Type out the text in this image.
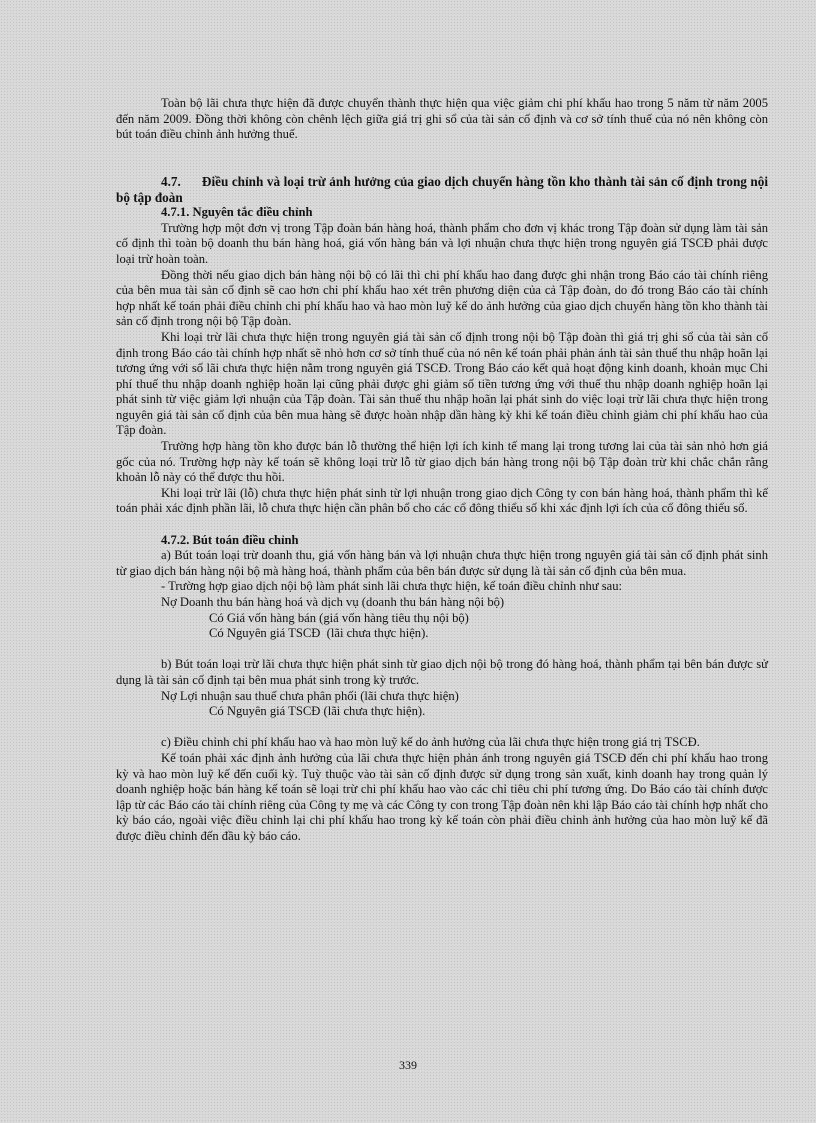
Toàn bộ lãi chưa thực hiện đã được chuyển thành thực hiện qua việc giảm chi phí khấu hao trong 5 năm từ năm 2005 đến năm 2009. Đồng thời không còn chênh lệch giữa giá trị ghi sổ của tài sản cố định và cơ sở tính thuế của nó nên không còn bút toán điều chỉnh ảnh hưởng thuế.

4.7.      Điều chỉnh và loại trừ ảnh hưởng của giao dịch chuyển hàng tồn kho thành tài sản cố định trong nội bộ tập đoàn

4.7.1. Nguyên tắc điều chỉnh

Trường hợp một đơn vị trong Tập đoàn bán hàng hoá, thành phẩm cho đơn vị khác trong Tập đoàn sử dụng làm tài sản cố định thì toàn bộ doanh thu bán hàng hoá, giá vốn hàng bán và lợi nhuận chưa thực hiện trong nguyên giá TSCĐ phải được loại trừ hoàn toàn.

Đồng thời nếu giao dịch bán hàng nội bộ có lãi thì chi phí khấu hao đang được ghi nhận trong Báo cáo tài chính riêng của bên mua tài sản cố định sẽ cao hơn chi phí khấu hao xét trên phương diện của cả Tập đoàn, do đó trong Báo cáo tài chính hợp nhất kế toán phải điều chỉnh chi phí khấu hao và hao mòn luỹ kế do ảnh hưởng của giao dịch chuyển hàng tồn kho thành tài sản cố định trong nội bộ Tập đoàn.

Khi loại trừ lãi chưa thực hiện trong nguyên giá tài sản cố định trong nội bộ Tập đoàn thì giá trị ghi sổ của tài sản cố định trong Báo cáo tài chính hợp nhất sẽ nhỏ hơn cơ sở tính thuế của nó nên kế toán phải phản ánh tài sản thuế thu nhập hoãn lại tương ứng với số lãi chưa thực hiện nằm trong nguyên giá TSCĐ. Trong Báo cáo kết quả hoạt động kinh doanh, khoản mục Chi phí thuế thu nhập doanh nghiệp hoãn lại cũng phải được ghi giảm số tiền tương ứng với thuế thu nhập doanh nghiệp hoãn lại phát sinh từ việc giảm lợi nhuận của Tập đoàn. Tài sản thuế thu nhập hoãn lại phát sinh do việc loại trừ lãi chưa thực hiện trong nguyên giá tài sản cố định của bên mua hàng sẽ được hoàn nhập dần hàng kỳ khi kế toán điều chỉnh giảm chi phí khấu hao của Tập đoàn.

Trường hợp hàng tồn kho được bán lỗ thường thể hiện lợi ích kinh tế mang lại trong tương lai của tài sản nhỏ hơn giá gốc của nó. Trường hợp này kế toán sẽ không loại trừ lỗ từ giao dịch bán hàng trong nội bộ Tập đoàn trừ khi chắc chắn rằng khoản lỗ này có thể được thu hồi.

Khi loại trừ lãi (lỗ) chưa thực hiện phát sinh từ lợi nhuận trong giao dịch Công ty con bán hàng hoá, thành phẩm thì kế toán phải xác định phần lãi, lỗ chưa thực hiện cần phân bổ cho các cổ đông thiểu số khi xác định lợi ích của cổ đông thiểu số.

4.7.2. Bút toán điều chỉnh

a) Bút toán loại trừ doanh thu, giá vốn hàng bán và lợi nhuận chưa thực hiện trong nguyên giá tài sản cố định phát sinh từ giao dịch bán hàng nội bộ mà hàng hoá, thành phẩm của bên bán được sử dụng là tài sản cố định của bên mua.

- Trường hợp giao dịch nội bộ làm phát sinh lãi chưa thực hiện, kế toán điều chỉnh như sau:

Nợ Doanh thu bán hàng hoá và dịch vụ (doanh thu bán hàng nội bộ)

Có Giá vốn hàng bán (giá vốn hàng tiêu thụ nội bộ)

Có Nguyên giá TSCĐ  (lãi chưa thực hiện).

b) Bút toán loại trừ lãi chưa thực hiện phát sinh từ giao dịch nội bộ trong đó hàng hoá, thành phẩm tại bên bán được sử dụng là tài sản cố định tại bên mua phát sinh trong kỳ trước.

Nợ Lợi nhuận sau thuế chưa phân phối (lãi chưa thực hiện)

Có Nguyên giá TSCĐ (lãi chưa thực hiện).

c) Điều chỉnh chi phí khấu hao và hao mòn luỹ kế do ảnh hưởng của lãi chưa thực hiện trong giá trị TSCĐ.

Kế toán phải xác định ảnh hưởng của lãi chưa thực hiện phản ánh trong nguyên giá TSCĐ đến chi phí khấu hao trong kỳ và hao mòn luỹ kế đến cuối kỳ. Tuỳ thuộc vào tài sản cố định được sử dụng trong sản xuất, kinh doanh hay trong quản lý doanh nghiệp hoặc bán hàng kế toán sẽ loại trừ chi phí khấu hao vào các chỉ tiêu chi phí tương ứng. Do Báo cáo tài chính được lập từ các Báo cáo tài chính riêng của Công ty mẹ và các Công ty con trong Tập đoàn nên khi lập Báo cáo tài chính hợp nhất cho kỳ báo cáo, ngoài việc điều chỉnh lại chi phí khấu hao trong kỳ kế toán còn phải điều chỉnh ảnh hưởng của hao mòn luỹ kế đã được điều chỉnh đến đầu kỳ báo cáo.

339
